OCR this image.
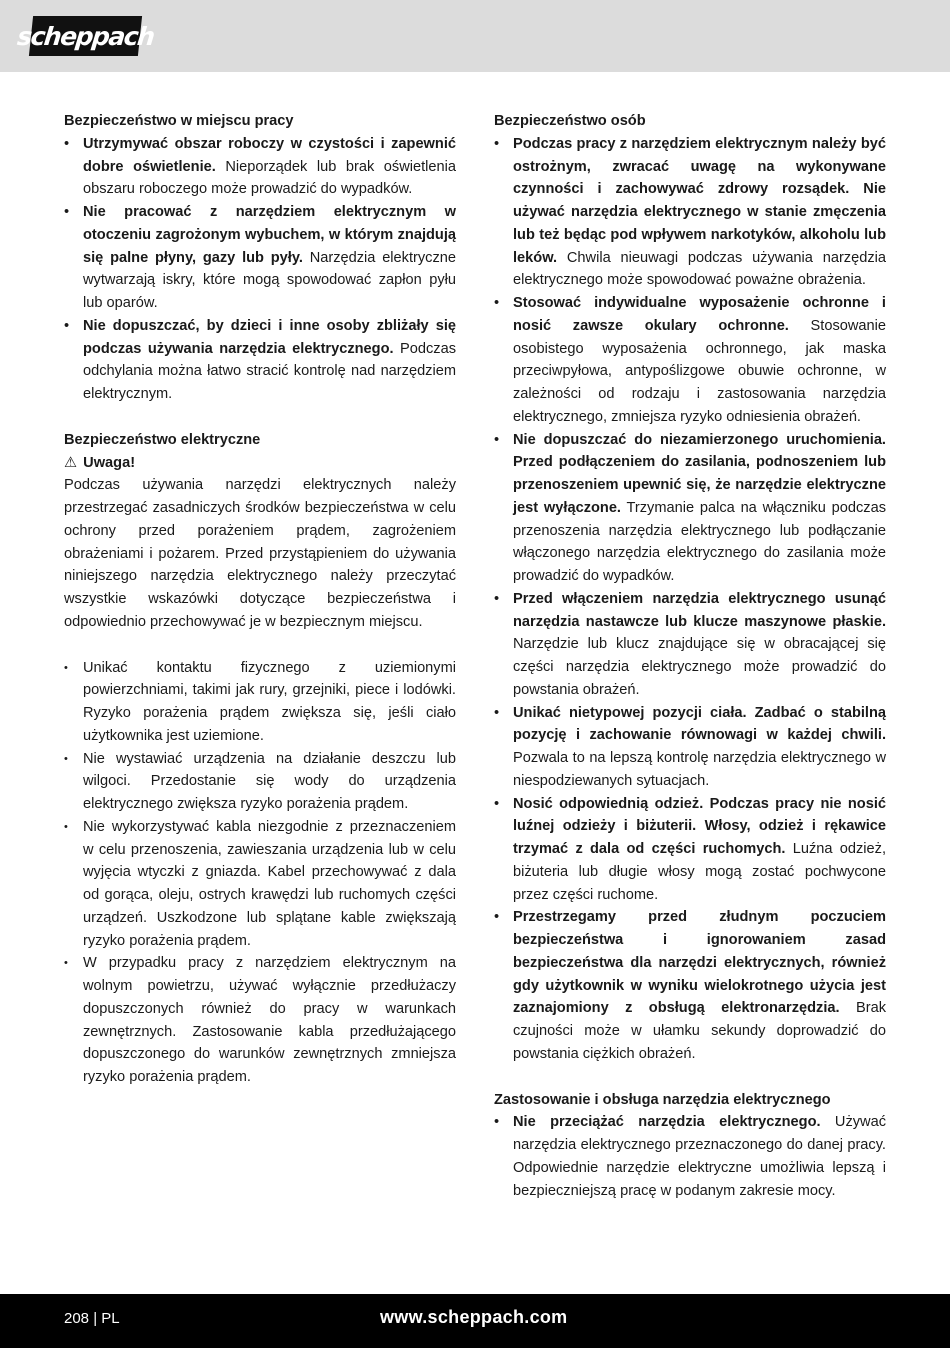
scheppach

Bezpieczeństwo w miejscu pracy

• Utrzymywać obszar roboczy w czystości i zapewnić dobre oświetlenie. Nieporządek lub brak oświetlenia obszaru roboczego może prowadzić do wypadków.
• Nie pracować z narzędziem elektrycznym w otoczeniu zagrożonym wybuchem, w którym znajdują się palne płyny, gazy lub pyły. Narzędzia elektryczne wytwarzają iskry, które mogą spowodować zapłon pyłu lub oparów.
• Nie dopuszczać, by dzieci i inne osoby zbliżały się podczas używania narzędzia elektrycznego. Podczas odchylania można łatwo stracić kontrolę nad narzędziem elektrycznym.

Bezpieczeństwo elektryczne

⚠ Uwaga!

Podczas używania narzędzi elektrycznych należy przestrzegać zasadniczych środków bezpieczeństwa w celu ochrony przed porażeniem prądem, zagrożeniem obrażeniami i pożarem. Przed przystąpieniem do używania niniejszego narzędzia elektrycznego należy przeczytać wszystkie wskazówki dotyczące bezpieczeństwa i odpowiednio przechowywać je w bezpiecznym miejscu.

• Unikać kontaktu fizycznego z uziemionymi powierzchniami, takimi jak rury, grzejniki, piece i lodówki. Ryzyko porażenia prądem zwiększa się, jeśli ciało użytkownika jest uziemione.
• Nie wystawiać urządzenia na działanie deszczu lub wilgoci. Przedostanie się wody do urządzenia elektrycznego zwiększa ryzyko porażenia prądem.
• Nie wykorzystywać kabla niezgodnie z przeznaczeniem w celu przenoszenia, zawieszania urządzenia lub w celu wyjęcia wtyczki z gniazda. Kabel przechowywać z dala od gorąca, oleju, ostrych krawędzi lub ruchomych części urządzeń. Uszkodzone lub splątane kable zwiększają ryzyko porażenia prądem.
• W przypadku pracy z narzędziem elektrycznym na wolnym powietrzu, używać wyłącznie przedłużaczy dopuszczonych również do pracy w warunkach zewnętrznych. Zastosowanie kabla przedłużającego dopuszczonego do warunków zewnętrznych zmniejsza ryzyko porażenia prądem.

Bezpieczeństwo osób

• Podczas pracy z narzędziem elektrycznym należy być ostrożnym, zwracać uwagę na wykonywane czynności i zachowywać zdrowy rozsądek. Nie używać narzędzia elektrycznego w stanie zmęczenia lub też będąc pod wpływem narkotyków, alkoholu lub leków. Chwila nieuwagi podczas używania narzędzia elektrycznego może spowodować poważne obrażenia.
• Stosować indywidualne wyposażenie ochronne i nosić zawsze okulary ochronne. Stosowanie osobistego wyposażenia ochronnego, jak maska przeciwpyłowa, antypoślizgowe obuwie ochronne, w zależności od rodzaju i zastosowania narzędzia elektrycznego, zmniejsza ryzyko odniesienia obrażeń.
• Nie dopuszczać do niezamierzonego uruchomienia. Przed podłączeniem do zasilania, podnoszeniem lub przenoszeniem upewnić się, że narzędzie elektryczne jest wyłączone. Trzymanie palca na włączniku podczas przenoszenia narzędzia elektrycznego lub podłączanie włączonego narzędzia elektrycznego do zasilania może prowadzić do wypadków.
• Przed włączeniem narzędzia elektrycznego usunąć narzędzia nastawcze lub klucze maszynowe płaskie. Narzędzie lub klucz znajdujące się w obracającej się części narzędzia elektrycznego może prowadzić do powstania obrażeń.
• Unikać nietypowej pozycji ciała. Zadbać o stabilną pozycję i zachowanie równowagi w każdej chwili. Pozwala to na lepszą kontrolę narzędzia elektrycznego w niespodziewanych sytuacjach.
• Nosić odpowiednią odzież. Podczas pracy nie nosić luźnej odzieży i biżuterii. Włosy, odzież i rękawice trzymać z dala od części ruchomych. Luźna odzież, biżuteria lub długie włosy mogą zostać pochwycone przez części ruchome.
• Przestrzegamy przed złudnym poczuciem bezpieczeństwa i ignorowaniem zasad bezpieczeństwa dla narzędzi elektrycznych, również gdy użytkownik w wyniku wielokrotnego użycia jest zaznajomiony z obsługą elektronarzędzia. Brak czujności może w ułamku sekundy doprowadzić do powstania ciężkich obrażeń.

Zastosowanie i obsługa narzędzia elektrycznego

• Nie przeciążać narzędzia elektrycznego. Używać narzędzia elektrycznego przeznaczonego do danej pracy. Odpowiednie narzędzie elektryczne umożliwia lepszą i bezpieczniejszą pracę w podanym zakresie mocy.
208 | PL	www.scheppach.com
